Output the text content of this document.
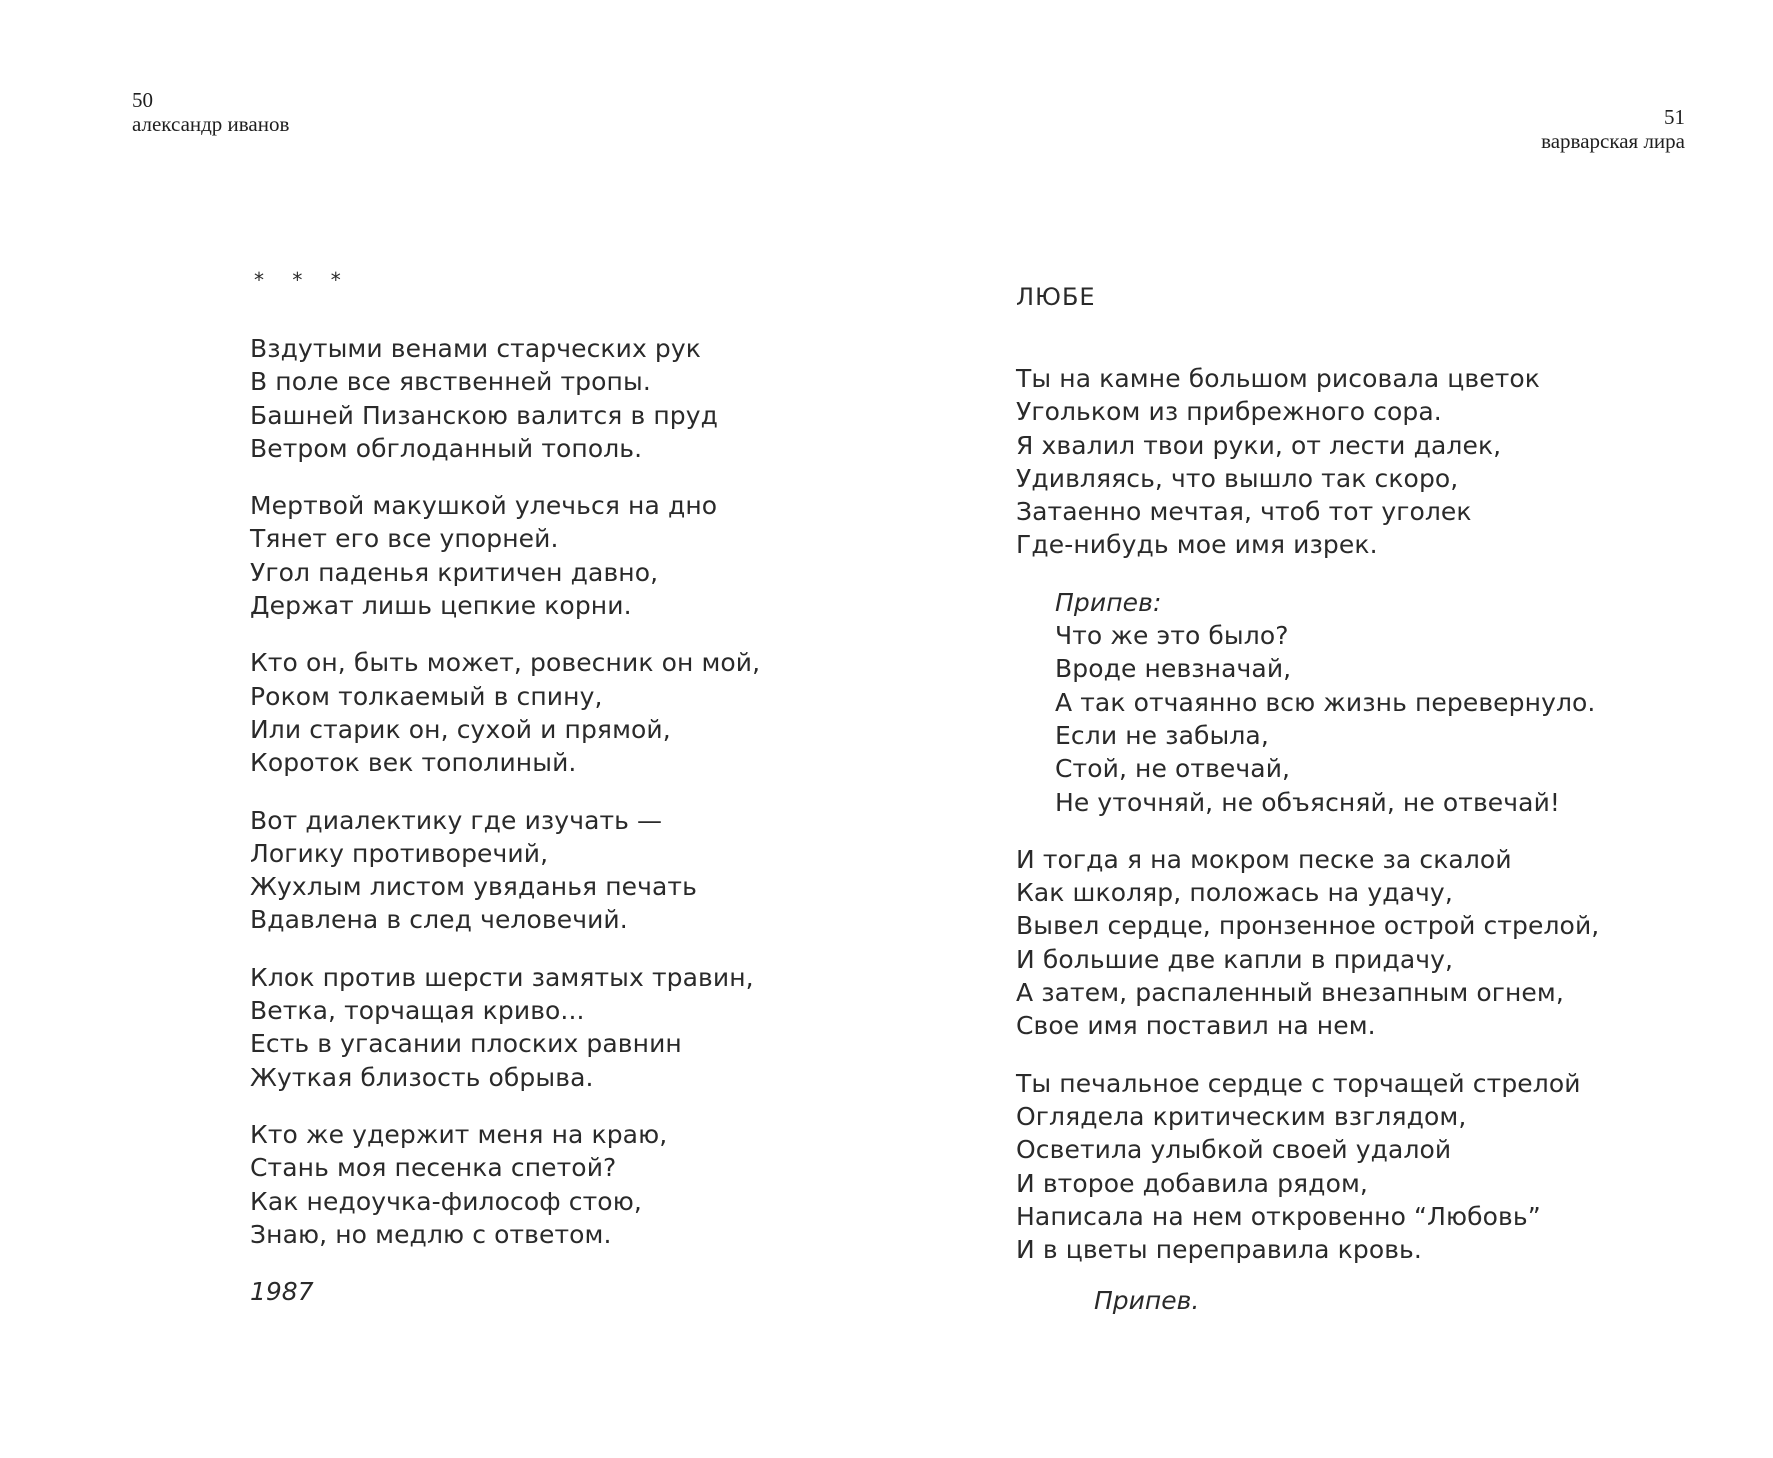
50
александр иванов	51
варварская лира
* * *
Вздутыми венами старческих рук
В поле все явственней тропы.
Башней Пизанскою валится в пруд
Ветром обглоданный тополь.
Мертвой макушкой улечься на дно
Тянет его все упорней.
Угол паденья критичен давно,
Держат лишь цепкие корни.
Кто он, быть может, ровесник он мой,
Роком толкаемый в спину,
Или старик он, сухой и прямой,
Короток век тополиный.
Вот диалектику где изучать —
Логику противоречий,
Жухлым листом увяданья печать
Вдавлена в след человечий.
Клок против шерсти замятых травин,
Ветка, торчащая криво...
Есть в угасании плоских равнин
Жуткая близость обрыва.
Кто же удержит меня на краю,
Стань моя песенка спетой?
Как недоучка-философ стою,
Знаю, но медлю с ответом.
1987
ЛЮБЕ
Ты на камне большом рисовала цветок
Угольком из прибрежного сора.
Я хвалил твои руки, от лести далек,
Удивляясь, что вышло так скоро,
Затаенно мечтая, чтоб тот уголек
Где-нибудь мое имя изрек.
Припев:
Что же это было?
Вроде невзначай,
А так отчаянно всю жизнь перевернуло.
Если не забыла,
Стой, не отвечай,
Не уточняй, не объясняй, не отвечай!
И тогда я на мокром песке за скалой
Как школяр, положась на удачу,
Вывел сердце, пронзенное острой стрелой,
И большие две капли в придачу,
А затем, распаленный внезапным огнем,
Свое имя поставил на нем.
Ты печальное сердце с торчащей стрелой
Оглядела критическим взглядом,
Осветила улыбкой своей удалой
И второе добавила рядом,
Написала на нем откровенно “Любовь”
И в цветы переправила кровь.
Припев.
